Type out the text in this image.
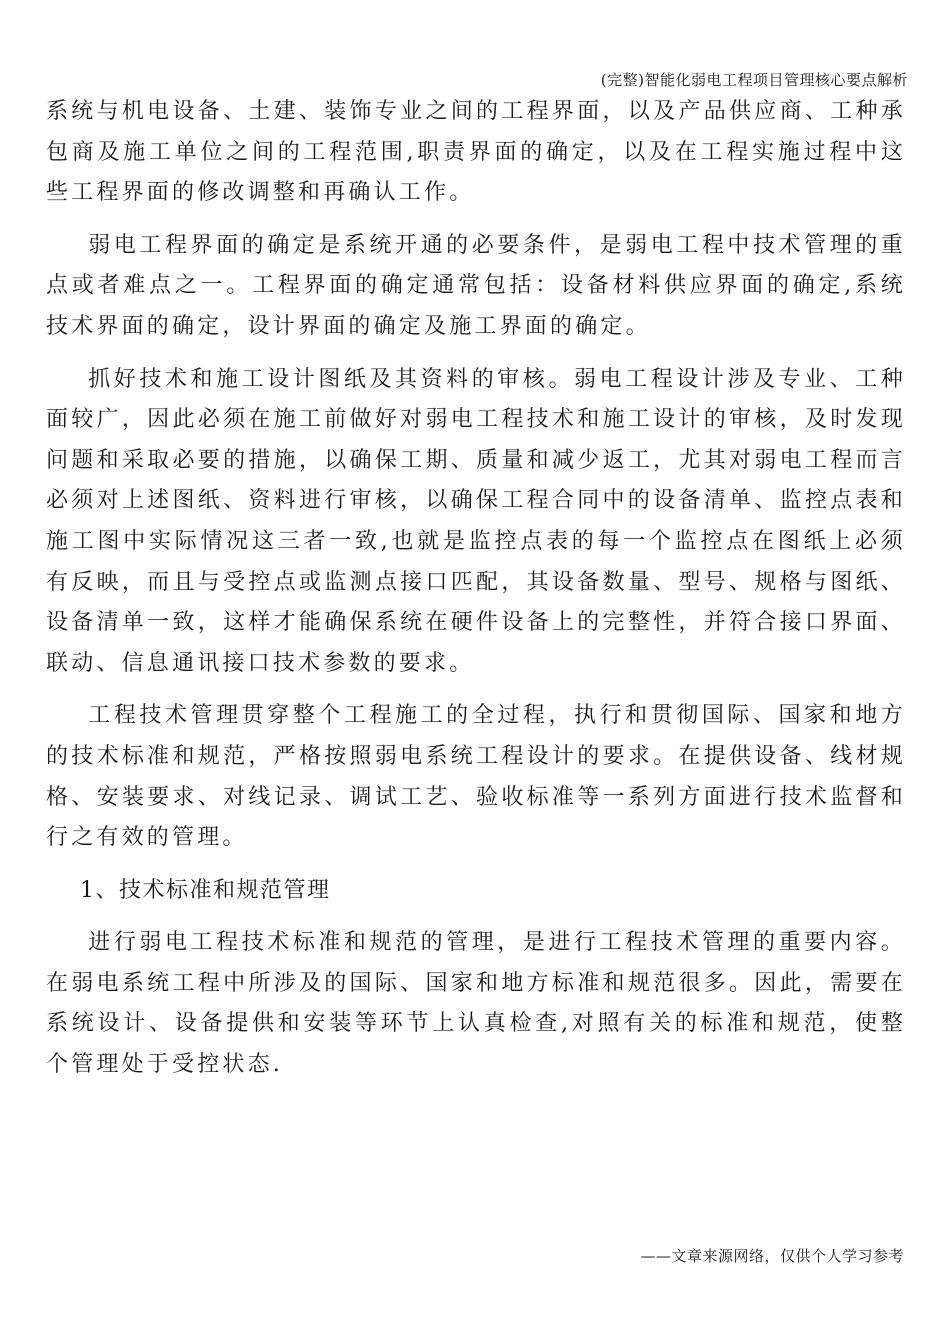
(完整)智能化弱电工程项目管理核心要点解析

系统与机电设备、土建、装饰专业之间的工程界面，以及产品供应商、工种承包商及施工单位之间的工程范围,职责界面的确定，以及在工程实施过程中这些工程界面的修改调整和再确认工作。

弱电工程界面的确定是系统开通的必要条件，是弱电工程中技术管理的重点或者难点之一。工程界面的确定通常包括：设备材料供应界面的确定,系统技术界面的确定，设计界面的确定及施工界面的确定。

抓好技术和施工设计图纸及其资料的审核。弱电工程设计涉及专业、工种面较广，因此必须在施工前做好对弱电工程技术和施工设计的审核，及时发现问题和采取必要的措施，以确保工期、质量和减少返工，尤其对弱电工程而言必须对上述图纸、资料进行审核，以确保工程合同中的设备清单、监控点表和施工图中实际情况这三者一致,也就是监控点表的每一个监控点在图纸上必须有反映，而且与受控点或监测点接口匹配，其设备数量、型号、规格与图纸、设备清单一致，这样才能确保系统在硬件设备上的完整性，并符合接口界面、联动、信息通讯接口技术参数的要求。

工程技术管理贯穿整个工程施工的全过程，执行和贯彻国际、国家和地方的技术标准和规范，严格按照弱电系统工程设计的要求。在提供设备、线材规格、安装要求、对线记录、调试工艺、验收标准等一系列方面进行技术监督和行之有效的管理。

1、技术标准和规范管理

进行弱电工程技术标准和规范的管理，是进行工程技术管理的重要内容。在弱电系统工程中所涉及的国际、国家和地方标准和规范很多。因此，需要在系统设计、设备提供和安装等环节上认真检查,对照有关的标准和规范，使整个管理处于受控状态.

——文章来源网络，仅供个人学习参考
